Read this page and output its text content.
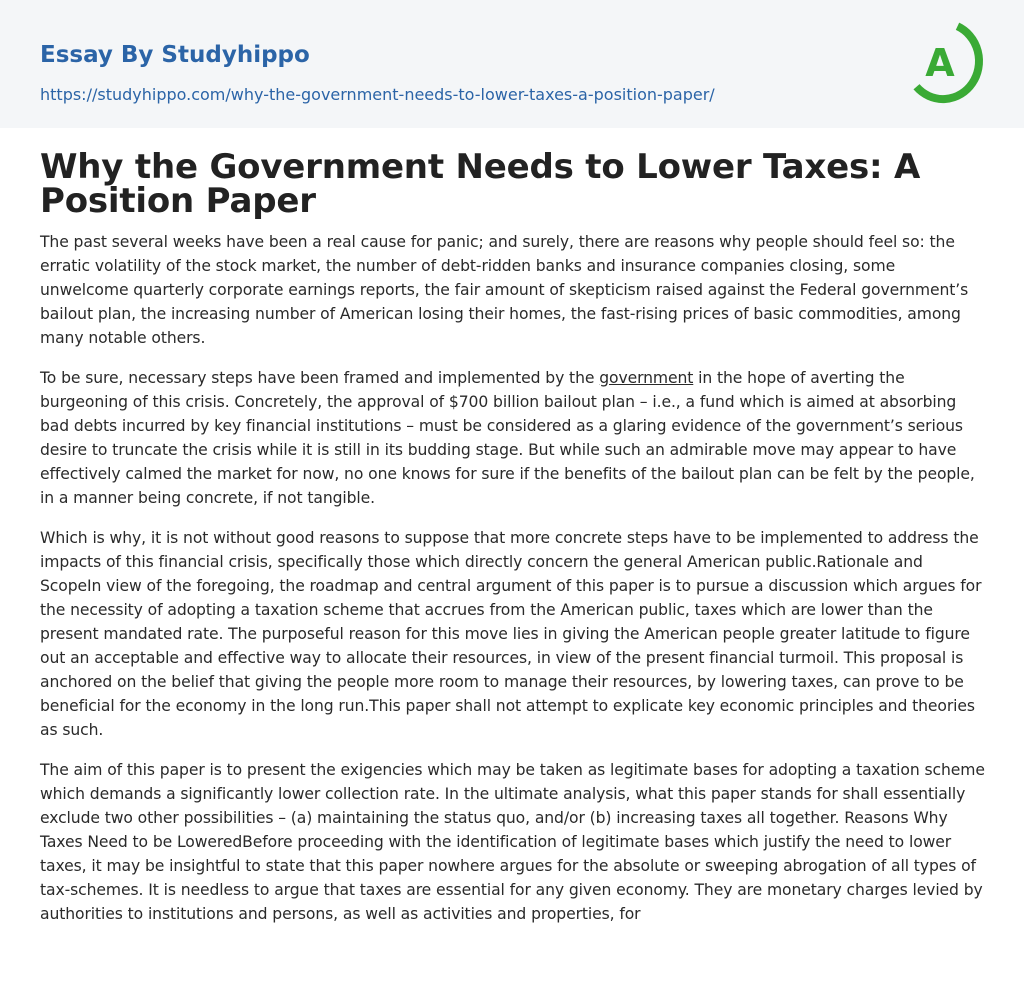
Essay By Studyhippo
https://studyhippo.com/why-the-government-needs-to-lower-taxes-a-position-paper/
A
Why the Government Needs to Lower Taxes: A Position Paper

The past several weeks have been a real cause for panic; and surely, there are reasons why people should feel so: the erratic volatility of the stock market, the number of debt-ridden banks and insurance companies closing, some unwelcome quarterly corporate earnings reports, the fair amount of skepticism raised against the Federal government’s bailout plan, the increasing number of American losing their homes, the fast-rising prices of basic commodities, among many notable others.

To be sure, necessary steps have been framed and implemented by the government in the hope of averting the burgeoning of this crisis. Concretely, the approval of $700 billion bailout plan – i.e., a fund which is aimed at absorbing bad debts incurred by key financial institutions – must be considered as a glaring evidence of the government’s serious desire to truncate the crisis while it is still in its budding stage. But while such an admirable move may appear to have effectively calmed the market for now, no one knows for sure if the benefits of the bailout plan can be felt by the people, in a manner being concrete, if not tangible.

Which is why, it is not without good reasons to suppose that more concrete steps have to be implemented to address the impacts of this financial crisis, specifically those which directly concern the general American public.Rationale and ScopeIn view of the foregoing, the roadmap and central argument of this paper is to pursue a discussion which argues for the necessity of adopting a taxation scheme that accrues from the American public, taxes which are lower than the present mandated rate. The purposeful reason for this move lies in giving the American people greater latitude to figure out an acceptable and effective way to allocate their resources, in view of the present financial turmoil. This proposal is anchored on the belief that giving the people more room to manage their resources, by lowering taxes, can prove to be beneficial for the economy in the long run.This paper shall not attempt to explicate key economic principles and theories as such.

The aim of this paper is to present the exigencies which may be taken as legitimate bases for adopting a taxation scheme which demands a significantly lower collection rate. In the ultimate analysis, what this paper stands for shall essentially exclude two other possibilities – (a) maintaining the status quo, and/or (b) increasing taxes all together. Reasons Why Taxes Need to be LoweredBefore proceeding with the identification of legitimate bases which justify the need to lower taxes, it may be insightful to state that this paper nowhere argues for the absolute or sweeping abrogation of all types of tax-schemes. It is needless to argue that taxes are essential for any given economy. They are monetary charges levied by authorities to institutions and persons, as well as activities and properties, for
